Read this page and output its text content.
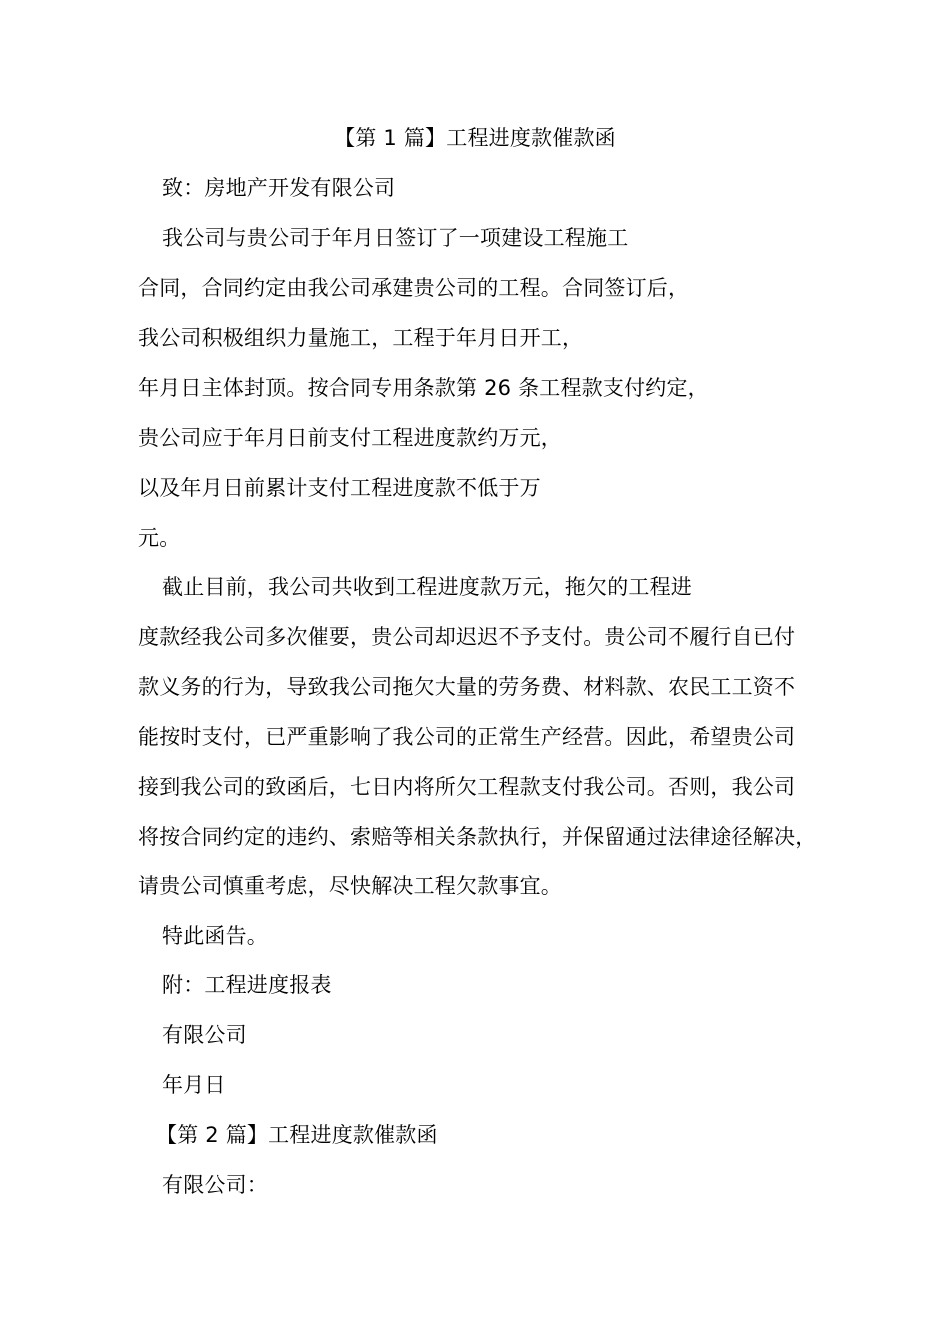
【第 1 篇】工程进度款催款函

致：房地产开发有限公司

我公司与贵公司于年月日签订了一项建设工程施工

合同，合同约定由我公司承建贵公司的工程。合同签订后，

我公司积极组织力量施工，工程于年月日开工，

年月日主体封顶。按合同专用条款第 26 条工程款支付约定，

贵公司应于年月日前支付工程进度款约万元，

以及年月日前累计支付工程进度款不低于万

元。

截止目前，我公司共收到工程进度款万元，拖欠的工程进

度款经我公司多次催要，贵公司却迟迟不予支付。贵公司不履行自已付

款义务的行为，导致我公司拖欠大量的劳务费、材料款、农民工工资不

能按时支付，已严重影响了我公司的正常生产经营。因此，希望贵公司

接到我公司的致函后，七日内将所欠工程款支付我公司。否则，我公司

将按合同约定的违约、索赔等相关条款执行，并保留通过法律途径解决，

请贵公司慎重考虑，尽快解决工程欠款事宜。

特此函告。

附：工程进度报表

有限公司

年月日

【第 2 篇】工程进度款催款函

有限公司：
